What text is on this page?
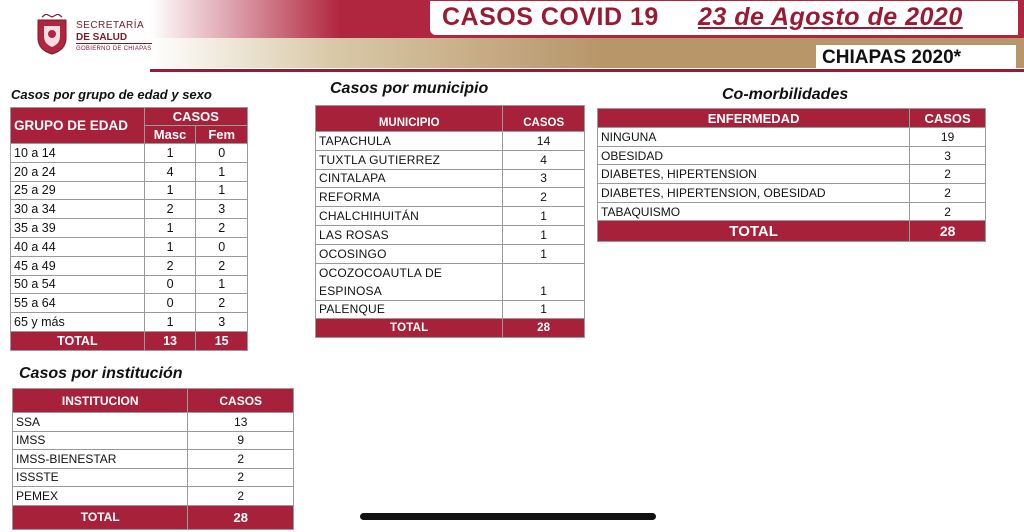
CASOS COVID 19 23 de Agosto de 2020
CHIAPAS 2020*
SECRETARÍA
DE SALUD
GOBIERNO DE CHIAPAS
Casos por grupo de edad y sexo
GRUPO DE EDAD	CASOS	
	Masc	Fem
10 a 14	1	0
20 a 24	4	1
25 a 29	1	1
30 a 34	2	3
35 a 39	1	2
40 a 44	1	0
45 a 49	2	2
50 a 54	0	1
55 a 64	0	2
65 y más	1	3
TOTAL	13	15
Casos por municipio
MUNICIPIO	CASOS
TAPACHULA	14
TUXTLA GUTIERREZ	4
CINTALAPA	3
REFORMA	2
CHALCHIHUITÁN	1
LAS ROSAS	1
OCOSINGO	1

OCOZOCOAUTLA DE
ESPINOSA	1
PALENQUE	1
TOTAL	28
Co-morbilidades
ENFERMEDAD	CASOS
NINGUNA	19
OBESIDAD	3
DIABETES, HIPERTENSION	2
DIABETES, HIPERTENSION, OBESIDAD	2
TABAQUISMO	2
TOTAL	28
Casos por institución
INSTITUCION	CASOS
SSA	13
IMSS	9
IMSS-BIENESTAR	2
ISSSTE	2
PEMEX	2
TOTAL	28
